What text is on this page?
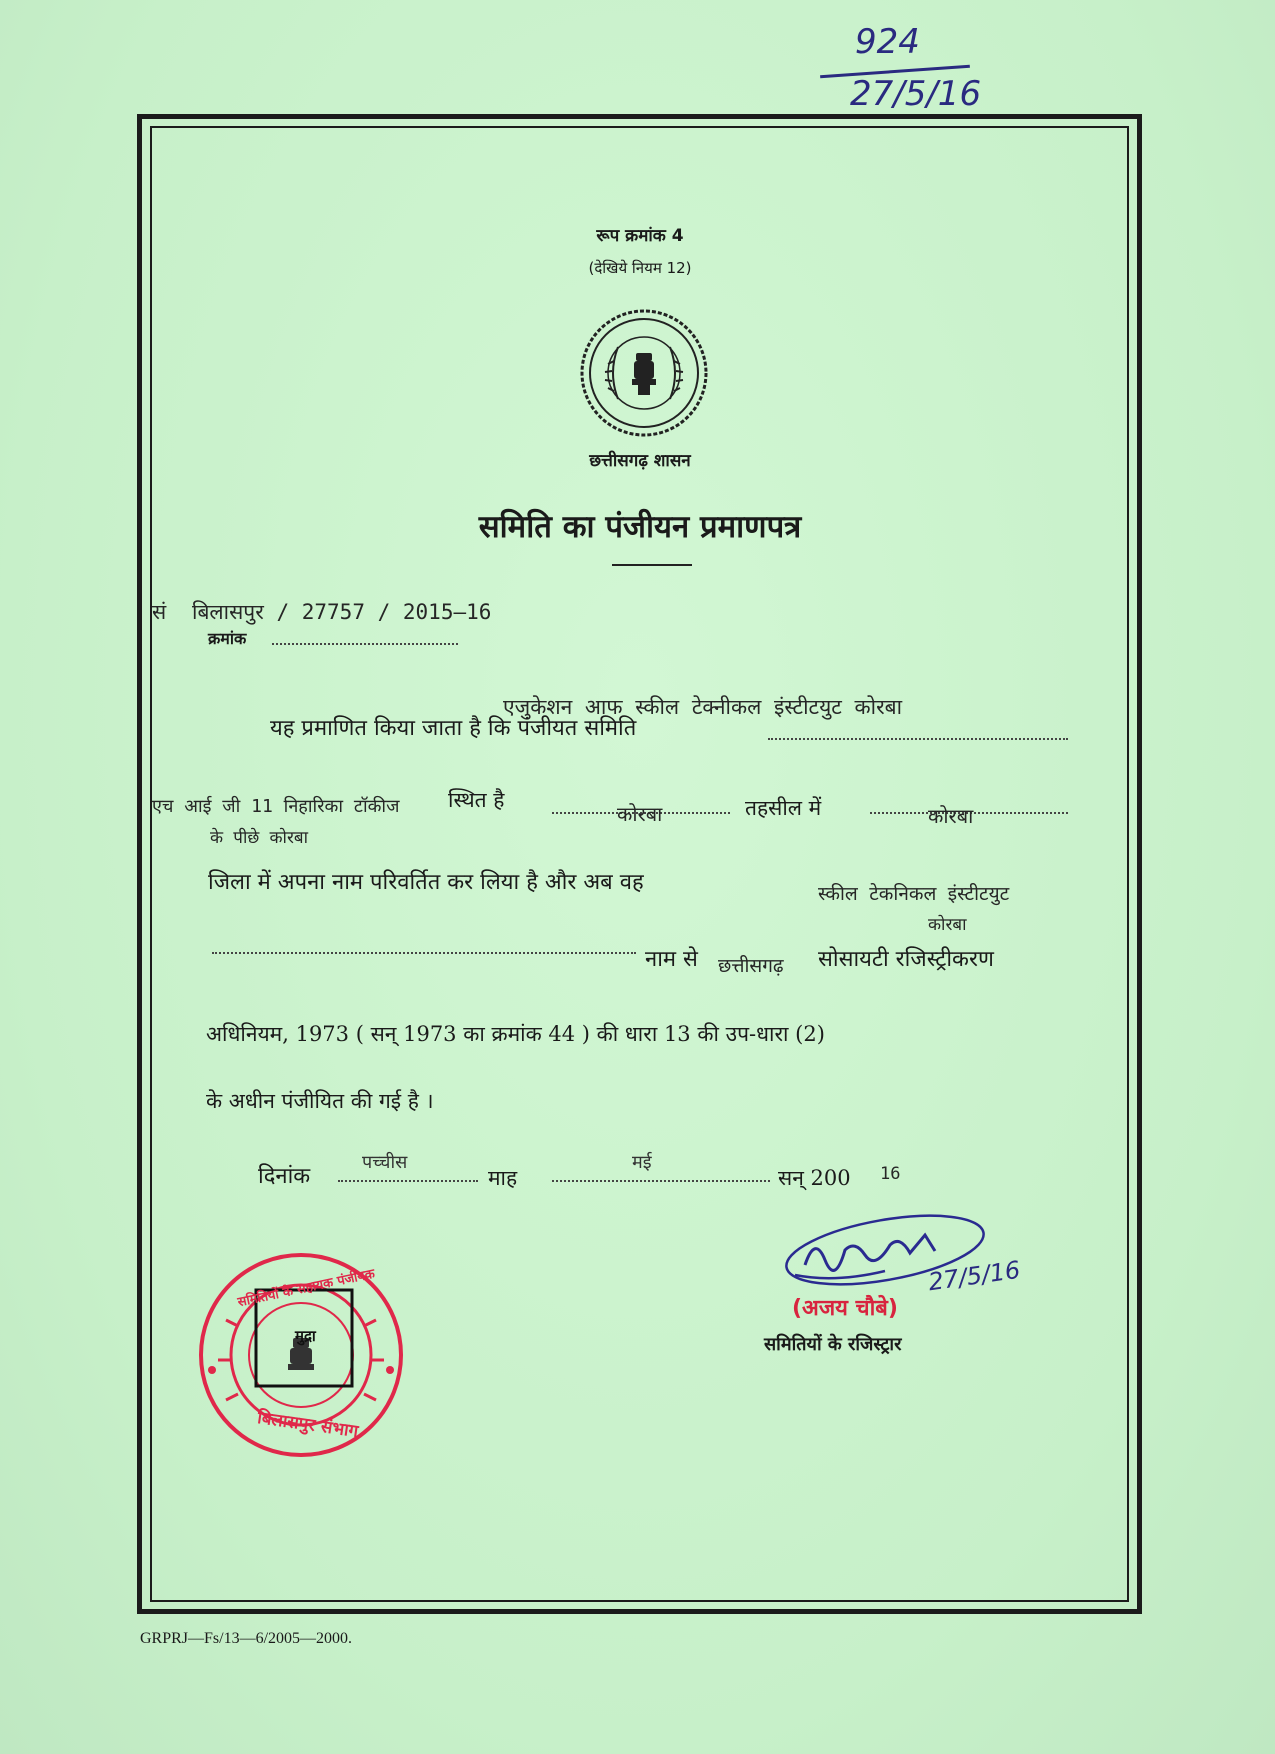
924
27/5/16
रूप क्रमांक 4
(देखिये नियम 12)
छत्तीसगढ़ शासन
समिति का पंजीयन प्रमाणपत्र
सं बिलासपुर / 27757 / 2015–16
क्रमांक
एजुकेशन आफ स्कील टेक्नीकल इंस्टीटयुट कोरबा
यह प्रमाणित किया जाता है कि पंजीयत समिति
एच आई जी 11 निहारिका टॉकीज
के पीछे कोरबा
स्थित है
कोरबा	तहसील में	कोरबा
जिला में अपना नाम परिवर्तित कर लिया है और अब वह	स्कील टेकनिकल इंस्टीटयुट
कोरबा
नाम से छत्तीसगढ़ सोसायटी रजिस्ट्रीकरण
अधिनियम, 1973 ( सन् 1973 का क्रमांक 44 ) की धारा 13 की उप-धारा (2)
के अधीन पंजीयित की गई है ।
दिनांक
पच्चीस
माह
मई
सन् 200 16
27/5/16
(अजय चौबे)
समितियों के रजिस्ट्रार
समितियों के सहायक पंजीयक
मुद्रा
बिलासपुर संभाग
GRPRJ—Fs/13—6/2005—2000.
